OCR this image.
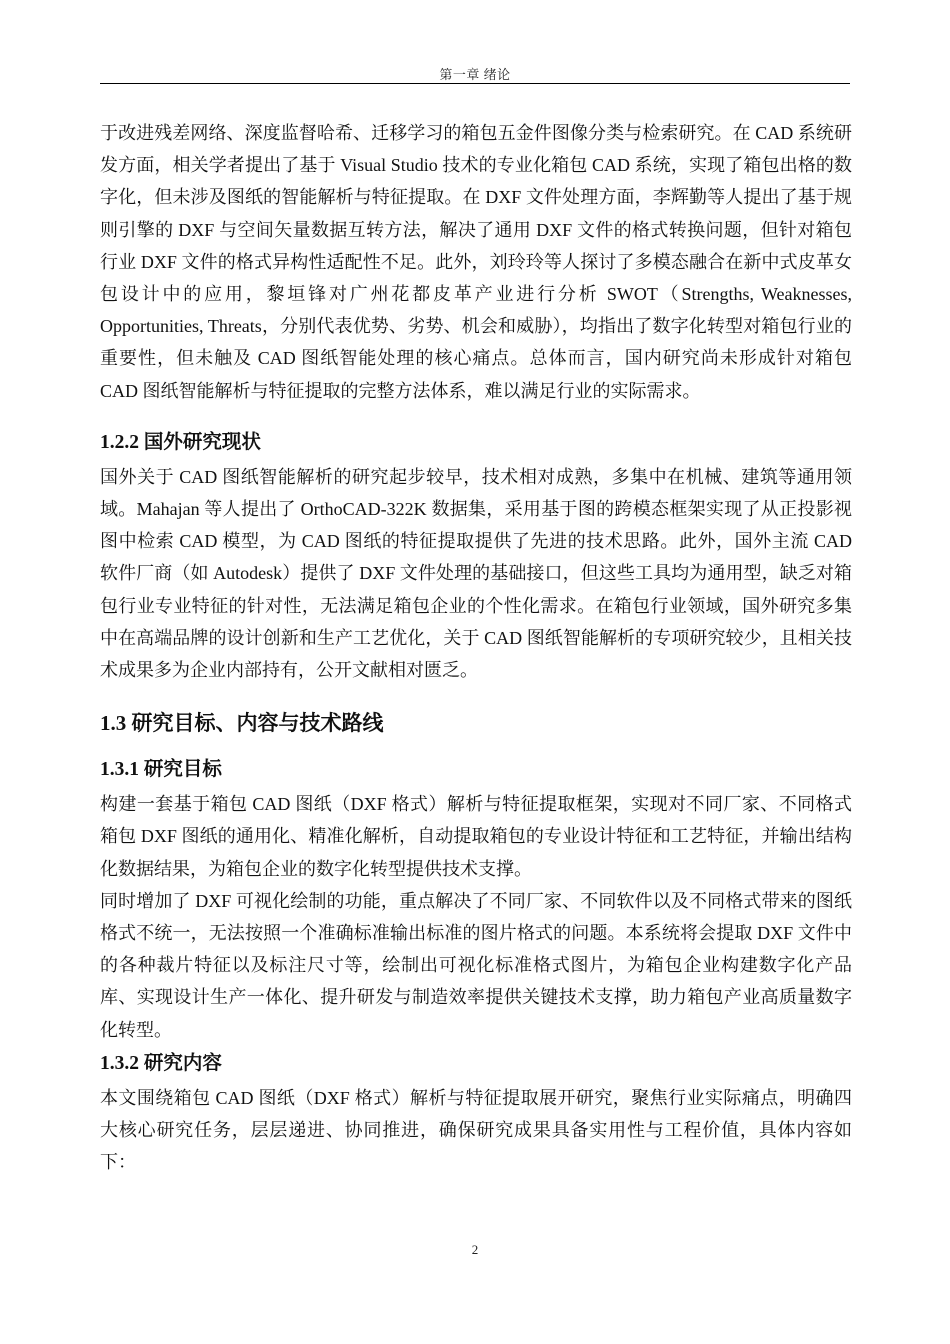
第一章 绪论

于改进残差网络、深度监督哈希、迁移学习的箱包五金件图像分类与检索研究。在 CAD 系统研发方面，相关学者提出了基于 Visual Studio 技术的专业化箱包 CAD 系统，实现了箱包出格的数字化，但未涉及图纸的智能解析与特征提取。在 DXF 文件处理方面，李辉勤等人提出了基于规则引擎的 DXF 与空间矢量数据互转方法，解决了通用 DXF 文件的格式转换问题，但针对箱包行业 DXF 文件的格式异构性适配性不足。此外，刘玲玲等人探讨了多模态融合在新中式皮革女包设计中的应用，黎垣锋对广州花都皮革产业进行分析 SWOT（Strengths, Weaknesses, Opportunities, Threats，分别代表优势、劣势、机会和威胁），均指出了数字化转型对箱包行业的重要性，但未触及 CAD 图纸智能处理的核心痛点。总体而言，国内研究尚未形成针对箱包 CAD 图纸智能解析与特征提取的完整方法体系，难以满足行业的实际需求。

1.2.2 国外研究现状

国外关于 CAD 图纸智能解析的研究起步较早，技术相对成熟，多集中在机械、建筑等通用领域。Mahajan 等人提出了 OrthoCAD-322K 数据集，采用基于图的跨模态框架实现了从正投影视图中检索 CAD 模型，为 CAD 图纸的特征提取提供了先进的技术思路。此外，国外主流 CAD 软件厂商（如 Autodesk）提供了 DXF 文件处理的基础接口，但这些工具均为通用型，缺乏对箱包行业专业特征的针对性，无法满足箱包企业的个性化需求。在箱包行业领域，国外研究多集中在高端品牌的设计创新和生产工艺优化，关于 CAD 图纸智能解析的专项研究较少，且相关技术成果多为企业内部持有，公开文献相对匮乏。

1.3 研究目标、内容与技术路线
1.3.1 研究目标

构建一套基于箱包 CAD 图纸（DXF 格式）解析与特征提取框架，实现对不同厂家、不同格式箱包 DXF 图纸的通用化、精准化解析，自动提取箱包的专业设计特征和工艺特征，并输出结构化数据结果，为箱包企业的数字化转型提供技术支撑。

同时增加了 DXF 可视化绘制的功能，重点解决了不同厂家、不同软件以及不同格式带来的图纸格式不统一，无法按照一个准确标准输出标准的图片格式的问题。本系统将会提取 DXF 文件中的各种裁片特征以及标注尺寸等，绘制出可视化标准格式图片，为箱包企业构建数字化产品库、实现设计生产一体化、提升研发与制造效率提供关键技术支撑，助力箱包产业高质量数字化转型。

1.3.2 研究内容

本文围绕箱包 CAD 图纸（DXF 格式）解析与特征提取展开研究，聚焦行业实际痛点，明确四大核心研究任务，层层递进、协同推进，确保研究成果具备实用性与工程价值，具体内容如下：

2
